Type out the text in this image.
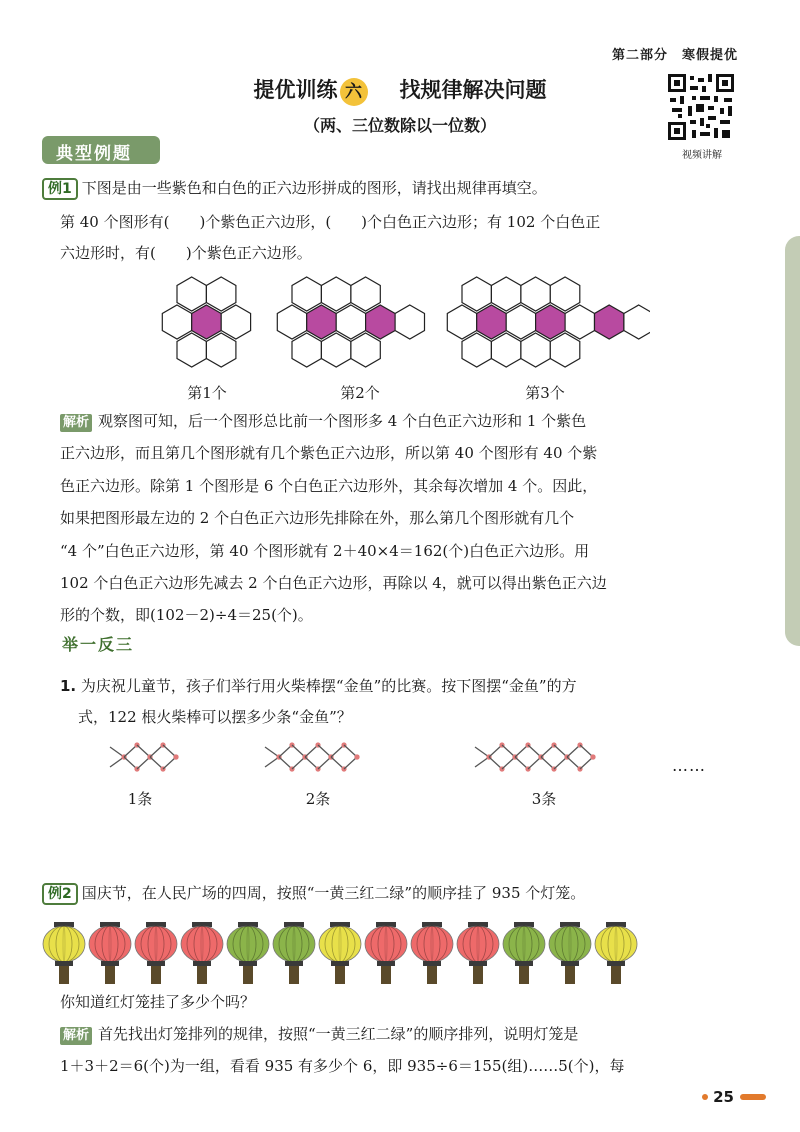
第二部分　寒假提优
提优训练 六 找规律解决问题
（两、三位数除以一位数）
视频讲解
典型例题
例1 下图是由一些紫色和白色的正六边形拼成的图形，请找出规律再填空。
第 40 个图形有(　　)个紫色正六边形，(　　)个白色正六边形；有 102 个白色正
六边形时，有(　　)个紫色正六边形。
第1个	第2个	第3个
解析 观察图可知，后一个图形总比前一个图形多 4 个白色正六边形和 1 个紫色
正六边形，而且第几个图形就有几个紫色正六边形，所以第 40 个图形有 40 个紫
色正六边形。除第 1 个图形是 6 个白色正六边形外，其余每次增加 4 个。因此，
如果把图形最左边的 2 个白色正六边形先排除在外，那么第几个图形就有几个
“4 个”白色正六边形，第 40 个图形就有 2＋40×4＝162(个)白色正六边形。用
102 个白色正六边形先减去 2 个白色正六边形，再除以 4，就可以得出紫色正六边
形的个数，即(102－2)÷4＝25(个)。
举一反三
1. 为庆祝儿童节，孩子们举行用火柴棒摆“金鱼”的比赛。按下图摆“金鱼”的方
式，122 根火柴棒可以摆多少条“金鱼”？
1条	2条	3条
……
例2 国庆节，在人民广场的四周，按照“一黄三红二绿”的顺序挂了 935 个灯笼。
你知道红灯笼挂了多少个吗？
解析 首先找出灯笼排列的规律，按照“一黄三红二绿”的顺序排列，说明灯笼是
1＋3＋2＝6(个)为一组，看看 935 有多少个 6，即 935÷6＝155(组)……5(个)，每
25
